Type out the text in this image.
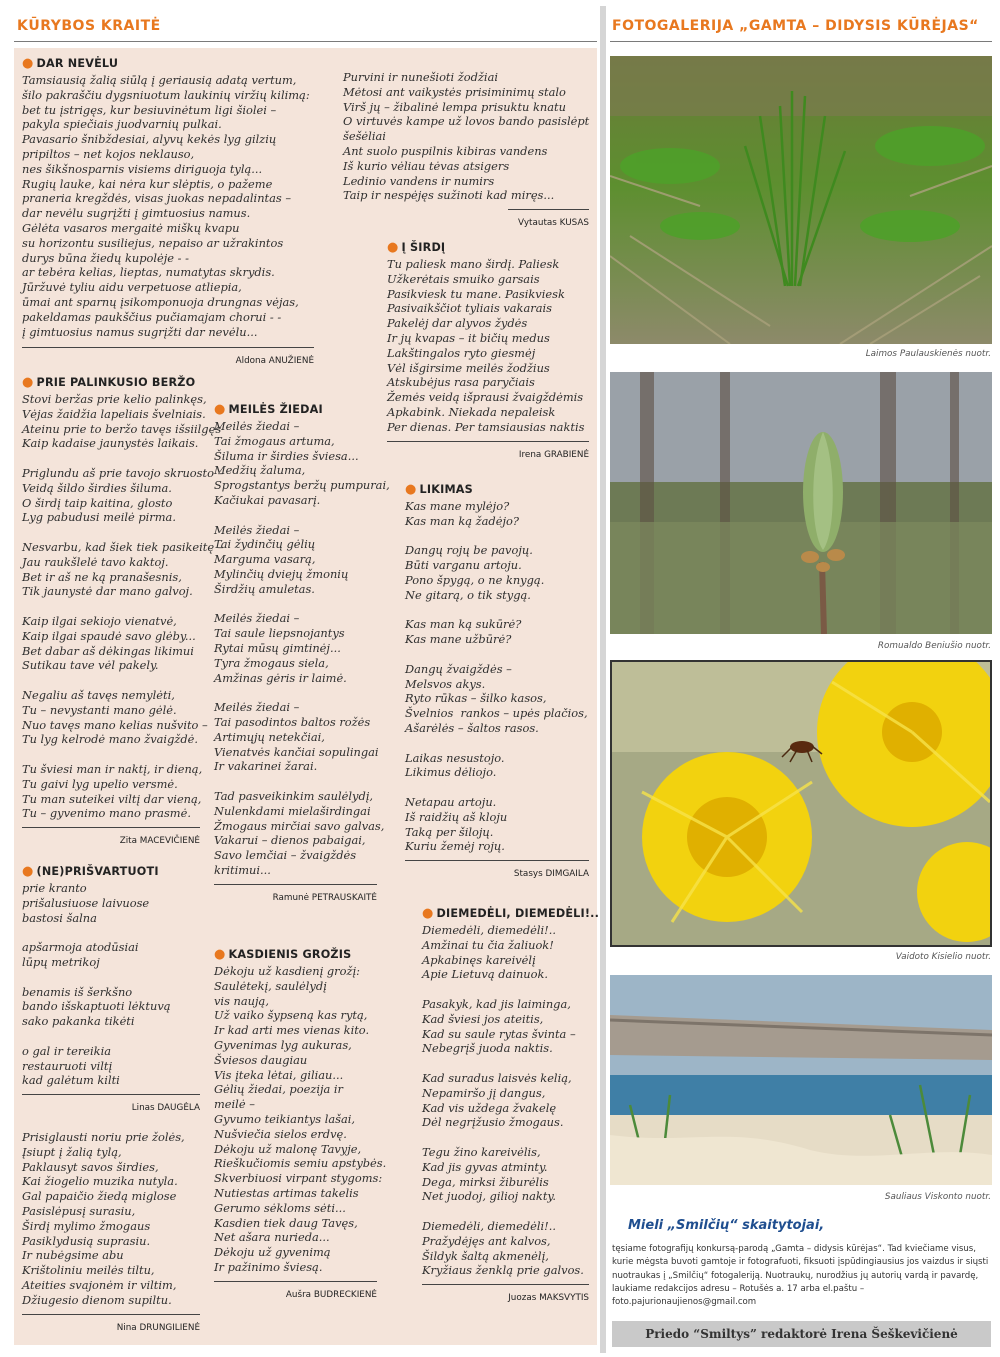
KŪRYBOS KRAITĖ	FOTOGALERIJA „GAMTA – DIDYSIS KŪRĖJAS“
● DAR NEVĖLU
Tamsiausią žalią siūlą į geriausią adatą vertum,
šilo pakraščiu dygsniuotum laukinių viržių kilimą:
bet tu įstrigęs, kur besiuvinėtum ligi šiolei –
pakyla spiečiais juodvarnių pulkai.
Pavasario šnibždesiai, alyvų kekės lyg gilzių
pripiltos – net kojos neklauso,
nes šikšnosparnis visiems diriguoja tylą...
Rugių lauke, kai nėra kur slėptis, o pažeme
praneria kregždės, visas juokas nepadalintas –
dar nevėlu sugrįžti į gimtuosius namus.
Gėlėta vasaros mergaitė miškų kvapu
su horizontu susiliejus, nepaiso ar užrakintos
durys būna žiedų kupolėje - -
ar tebėra kelias, lieptas, numatytas skrydis.
Jūržuvė tyliu aidu verpetuose atliepia,
ūmai ant sparnų įsikomponuoja drungnas vėjas,
pakeldamas paukščius pučiamajam chorui - -
į gimtuosius namus sugrįžti dar nevėlu...
Aldona ANUŽIENĖ
● PRIE PALINKUSIO BERŽO
Stovi beržas prie kelio palinkęs,
Vėjas žaidžia lapeliais švelniais.
Ateinu prie to beržo tavęs išsiilgęs
Kaip kadaise jaunystės laikais.

Priglundu aš prie tavojo skruosto
Veidą šildo širdies šiluma.
O širdį taip kaitina, glosto
Lyg pabudusi meilė pirma.

Nesvarbu, kad šiek tiek pasikeitę
Jau raukšlelė tavo kaktoj.
Bet ir aš ne ką pranašesnis,
Tik jaunystė dar mano galvoj.

Kaip ilgai sekiojo vienatvė,
Kaip ilgai spaudė savo glėby...
Bet dabar aš dėkingas likimui
Sutikau tave vėl pakely.

Negaliu aš tavęs nemylėti,
Tu – nevystanti mano gėlė.
Nuo tavęs mano kelias nušvito
Tu lyg kelrodė mano žvaigždė.

Tu šviesi man ir naktį, ir dieną,
Tu gaivi lyg upelio versmė.
Tu man suteikei viltį dar vieną,
Tu – gyvenimo mano prasmė.
Zita MACEVIČIENĖ
● (NE)PRIŠVARTUOTI
prie kranto
prišalusiuose laivuose
bastosi šalna

apšarmoja atodūsiai
lūpų metrikoj

benamis iš šerkšno
bando išskaptuoti lėktuvą
sako pakanka tikėti

o gal ir tereikia
restauruoti viltį
kad galėtum kilti
Linas DAUGĖLA
Prisiglausti noriu prie žolės,
Įsiupt į žalią tylą,
Paklausyt savos širdies,
Kai žiogelio muzika nutyla.
Gal papaičio žiedą miglose
Pasislėpusį surasiu,
Širdį mylimo žmogaus
Pasiklydusią suprasiu.
Ir nubėgsime abu
Krištoliniu meilės tiltu,
Ateities svajonėm ir viltim,
Džiugesio dienom supiltu.
Nina DRUNGILIENĖ
● MEILĖS ŽIEDAI
Meilės žiedai –
Tai žmogaus artuma,
Šiluma ir širdies šviesa...
Medžių žaluma,
Sprogstantys beržų pumpurai,
Kačiukai pavasarį.

Meilės žiedai –
Tai žydinčių gėlių
Marguma vasarą,
Mylinčių dviejų žmonių
Širdžių amuletas.

Meilės žiedai –
Tai saule liepsnojantys
Rytai mūsų gimtinėj...
Tyra žmogaus siela,
Amžinas gėris ir laimė.

Meilės žiedai –
Tai pasodintos baltos rožės
Artimųjų netekčiai,
Vienatvės kančiai sopulingai
Ir vakarinei žarai.

Tad pasveikinkim saulėlydį,
Nulenkdami mielaširdingai
Žmogaus mirčiai savo galvas,
Vakarui – dienos pabaigai,
Savo lemčiai – žvaigždės
kritimui...
Ramunė PETRAUSKAITĖ
● KASDIENIS GROŽIS
Dėkoju už kasdienį grožį:
Saulėtekį, saulėlydį
vis naują,
Už vaiko šypseną kas rytą,
Ir kad arti mes vienas kito.
Gyvenimas lyg aukuras,
Šviesos daugiau
Vis įteka lėtai, giliau...
Gėlių žiedai, poezija ir
meilė –
Gyvumo teikiantys lašai,
Nušviečia sielos erdvę.
Dėkoju už malonę Tavyje,
Rieškučiomis semiu apstybės.
Skverbiuosi virpant stygoms:
Nutiestas artimas takelis
Gerumo sėkloms sėti...
Kasdien tiek daug Tavęs,
Net ašara nurieda...
Dėkoju už gyvenimą
Ir pažinimo šviesą.
Aušra BUDRECKIENĖ
Purvini ir nunešioti žodžiai
Mėtosi ant vaikystės prisiminimų stalo
Virš jų – žibalinė lempa prisuktu knatu
O virtuvės kampe už lovos bando pasislėpt
šešėliai
Ant suolo puspilnis kibiras vandens
Iš kurio vėliau tėvas atsigers
Ledinio vandens ir numirs
Taip ir nespėjęs sužinoti kad miręs...
Vytautas KUSAS
● Į ŠIRDĮ
Tu paliesk mano širdį. Paliesk
Užkerėtais smuiko garsais
Pasikviesk tu mane. Pasikviesk
Pasivaikščiot tyliais vakarais
Pakelėj dar alyvos žydės
Ir jų kvapas – it bičių medus
Lakštingalos ryto giesmėj
Vėl išgirsime meilės žodžius
Atskubėjus rasa paryčiais
Žemės veidą išprausi žvaigždėmis
Apkabink. Niekada nepaleisk
Per dienas. Per tamsiausias naktis
Irena GRABIENĖ
● LIKIMAS
Kas mane mylėjo?
Kas man ką žadėjo?

Dangų rojų be pavojų.
Būti varganu artoju.
Pono špygą, o ne knygą.
Ne gitarą, o tik stygą.

Kas man ką sukūrė?
Kas mane užbūrė?

Dangų žvaigždės –
Melsvos akys.
Ryto rūkas – šilko kasos,
Švelnios  rankos – upės plačios,
Ašarėlės – šaltos rasos.

Laikas nesustojo.
Likimus dėliojo.

Netapau artoju.
Iš raidžių aš kloju
Taką per šilojų.
Kuriu žemėj rojų.
Stasys DIMGAILA
● DIEMEDĖLI, DIEMEDĖLI!..
Diemedėli, diemedėli!..
Amžinai tu čia žaliuok!
Apkabinęs kareivėlį
Apie Lietuvą dainuok.

Pasakyk, kad jis laiminga,
Kad šviesi jos ateitis,
Kad su saule rytas švinta –
Nebegrįš juoda naktis.

Kad suradus laisvės kelią,
Nepamiršo jį dangus,
Kad vis uždega žvakelę
Dėl negrįžusio žmogaus.

Tegu žino kareivėlis,
Kad jis gyvas atminty.
Dega, mirksi žiburėlis
Net juodoj, gilioj nakty.

Diemedėli, diemedėli!..
Pražydėjęs ant kalvos,
Šildyk šaltą akmenėlį,
Kryžiaus ženklą prie galvos.
Juozas MAKSVYTIS
Laimos Paulauskienės nuotr.
Romualdo Beniušio nuotr.
Vaidoto Kisielio nuotr.
Sauliaus Viskonto nuotr.
Mieli „Smilčių“ skaitytojai,
tęsiame fotografijų konkursą-parodą „Gamta – didysis kūrėjas“. Tad kviečiame visus, kurie mėgsta buvoti gamtoje ir fotografuoti, fiksuoti įspūdingiausius jos vaizdus ir siųsti nuotraukas į „Smilčių“ fotogaleriją. Nuotraukų, nurodžius jų autorių vardą ir pavardę, laukiame redakcijos adresu – Rotušės a. 17 arba el.paštu – foto.pajurionaujienos@gmail.com
Priedo “Smiltys” redaktorė Irena Šeškevičienė
